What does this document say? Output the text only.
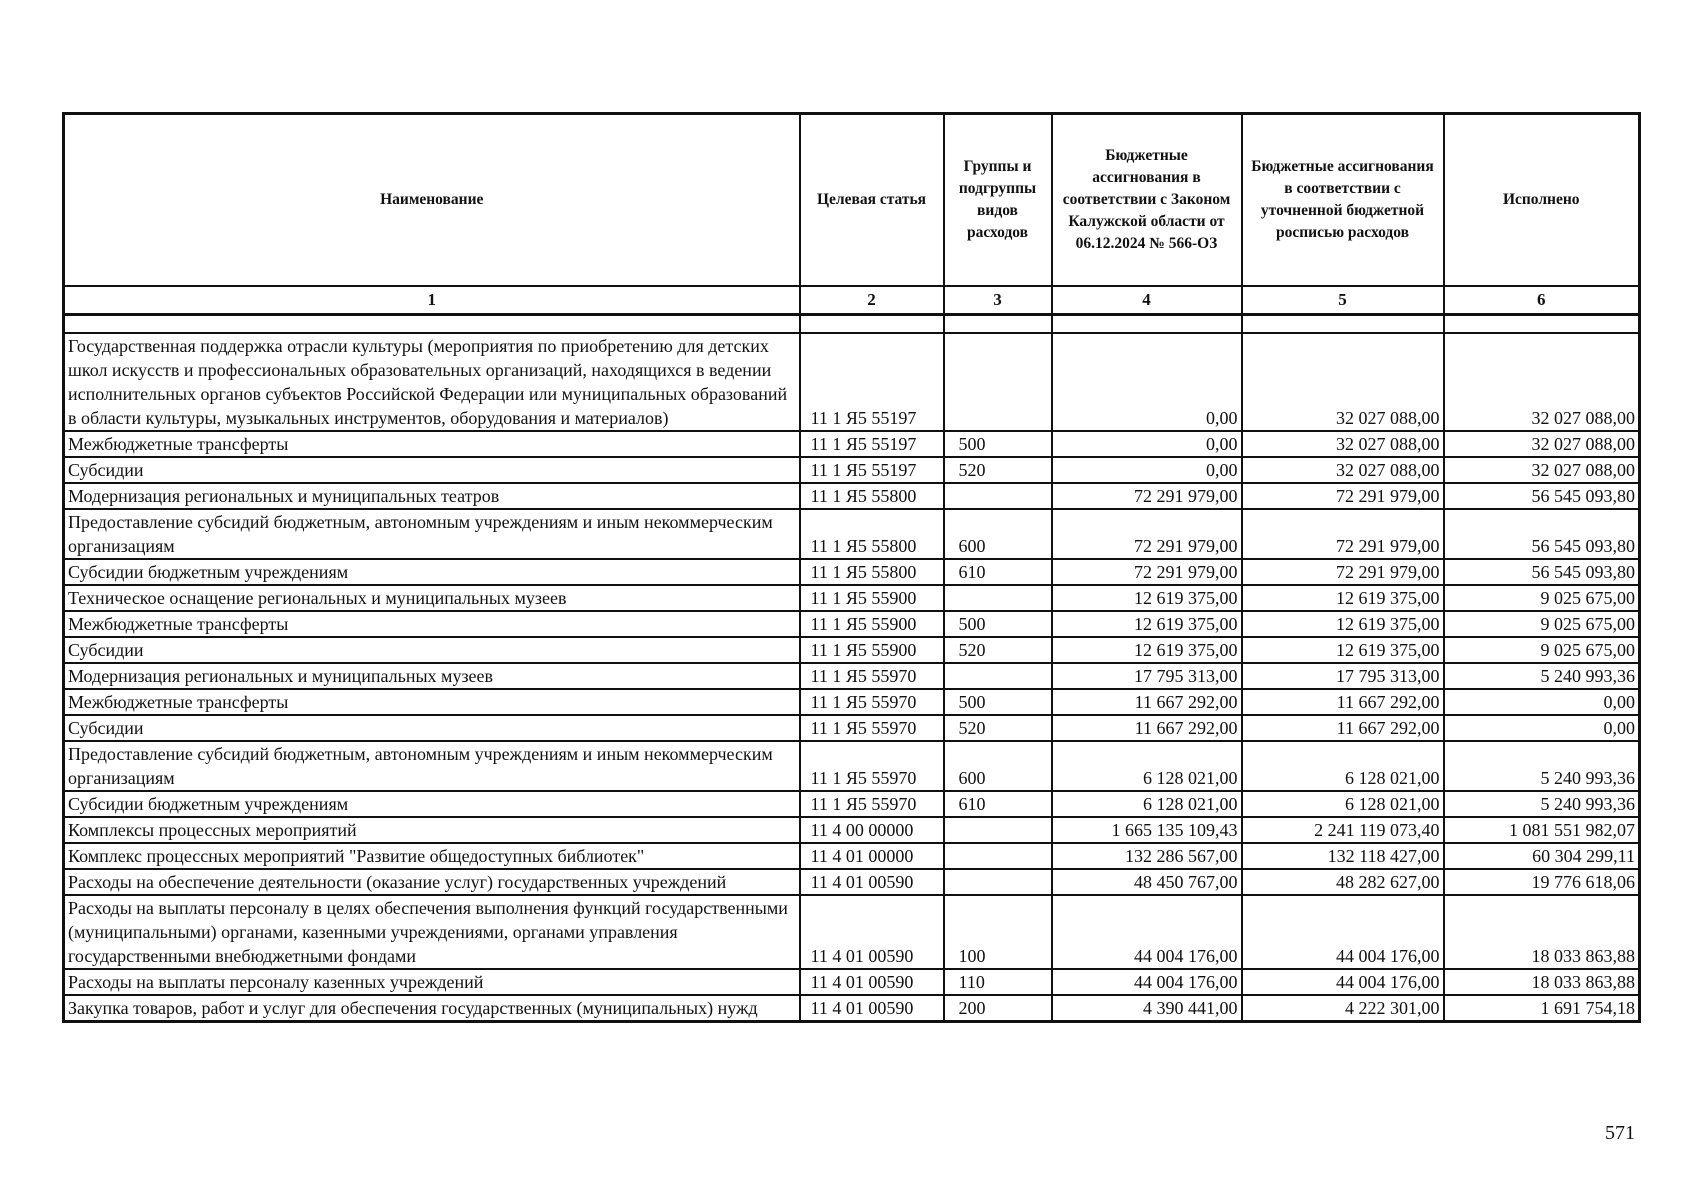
Наименование	Целевая статья	Группы и подгруппы видов расходов	Бюджетные ассигнования в соответствии с Законом Калужской области от 06.12.2024 № 566-ОЗ	Бюджетные ассигнования в соответствии с уточненной бюджетной росписью расходов	Исполнено
1	2	3	4	5	6

Государственная поддержка отрасли культуры (мероприятия по приобретению для детских школ искусств и профессиональных образовательных организаций, находящихся в ведении исполнительных органов субъектов Российской Федерации или муниципальных образований в области культуры, музыкальных инструментов, оборудования и материалов)	11 1 Я5 55197		0,00	32 027 088,00	32 027 088,00
Межбюджетные трансферты	11 1 Я5 55197	500	0,00	32 027 088,00	32 027 088,00
Субсидии	11 1 Я5 55197	520	0,00	32 027 088,00	32 027 088,00
Модернизация региональных и муниципальных театров	11 1 Я5 55800		72 291 979,00	72 291 979,00	56 545 093,80
Предоставление субсидий бюджетным, автономным учреждениям и иным некоммерческим организациям	11 1 Я5 55800	600	72 291 979,00	72 291 979,00	56 545 093,80
Субсидии бюджетным учреждениям	11 1 Я5 55800	610	72 291 979,00	72 291 979,00	56 545 093,80
Техническое оснащение региональных и муниципальных музеев	11 1 Я5 55900		12 619 375,00	12 619 375,00	9 025 675,00
Межбюджетные трансферты	11 1 Я5 55900	500	12 619 375,00	12 619 375,00	9 025 675,00
Субсидии	11 1 Я5 55900	520	12 619 375,00	12 619 375,00	9 025 675,00
Модернизация региональных и муниципальных музеев	11 1 Я5 55970		17 795 313,00	17 795 313,00	5 240 993,36
Межбюджетные трансферты	11 1 Я5 55970	500	11 667 292,00	11 667 292,00	0,00
Субсидии	11 1 Я5 55970	520	11 667 292,00	11 667 292,00	0,00
Предоставление субсидий бюджетным, автономным учреждениям и иным некоммерческим организациям	11 1 Я5 55970	600	6 128 021,00	6 128 021,00	5 240 993,36
Субсидии бюджетным учреждениям	11 1 Я5 55970	610	6 128 021,00	6 128 021,00	5 240 993,36
Комплексы процессных мероприятий	11 4 00 00000		1 665 135 109,43	2 241 119 073,40	1 081 551 982,07
Комплекс процессных мероприятий "Развитие общедоступных библиотек"	11 4 01 00000		132 286 567,00	132 118 427,00	60 304 299,11
Расходы на обеспечение деятельности (оказание услуг) государственных учреждений	11 4 01 00590		48 450 767,00	48 282 627,00	19 776 618,06
Расходы на выплаты персоналу в целях обеспечения выполнения функций государственными (муниципальными) органами, казенными учреждениями, органами управления государственными внебюджетными фондами	11 4 01 00590	100	44 004 176,00	44 004 176,00	18 033 863,88
Расходы на выплаты персоналу казенных учреждений	11 4 01 00590	110	44 004 176,00	44 004 176,00	18 033 863,88
Закупка товаров, работ и услуг для обеспечения государственных (муниципальных) нужд	11 4 01 00590	200	4 390 441,00	4 222 301,00	1 691 754,18
571
